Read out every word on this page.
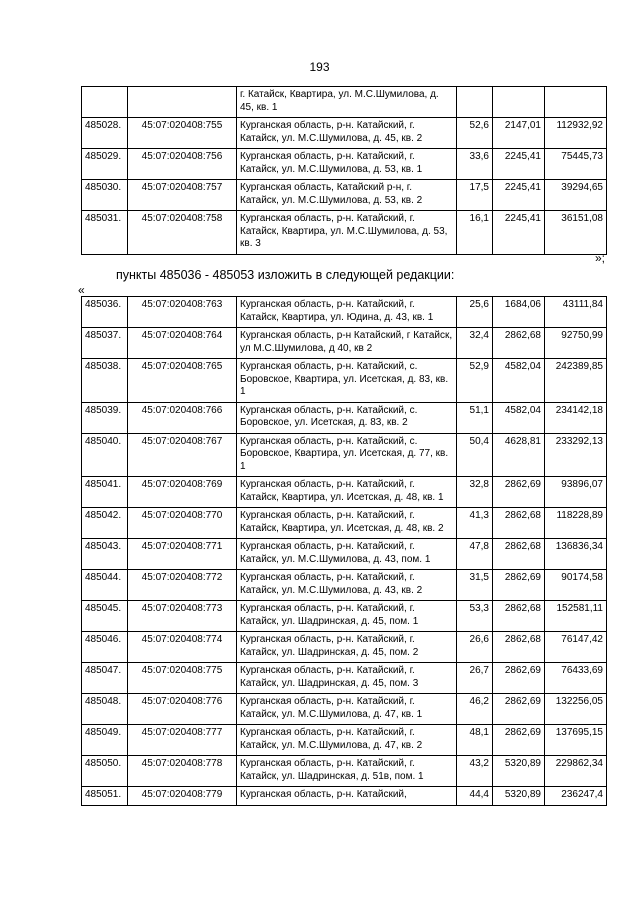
193
		г. Катайск, Квартира, ул. М.С.Шумилова, д. 45, кв. 1			
485028.	45:07:020408:755	Курганская область, р-н. Катайский, г. Катайск, ул. М.С.Шумилова, д. 45, кв. 2	52,6	2147,01	112932,92
485029.	45:07:020408:756	Курганская область, р-н. Катайский, г. Катайск, ул. М.С.Шумилова, д. 53, кв. 1	33,6	2245,41	75445,73
485030.	45:07:020408:757	Курганская область, Катайский р-н, г. Катайск, ул. М.С.Шумилова, д. 53, кв. 2	17,5	2245,41	39294,65
485031.	45:07:020408:758	Курганская область, р-н. Катайский, г. Катайск, Квартира, ул. М.С.Шумилова, д. 53, кв. 3	16,1	2245,41	36151,08
»;
пункты 485036 - 485053 изложить в следующей редакции:
«
485036.	45:07:020408:763	Курганская область, р-н. Катайский, г. Катайск, Квартира, ул. Юдина, д. 43, кв. 1	25,6	1684,06	43111,84
485037.	45:07:020408:764	Курганская область, р-н Катайский, г Катайск, ул М.С.Шумилова, д 40, кв 2	32,4	2862,68	92750,99
485038.	45:07:020408:765	Курганская область, р-н. Катайский, с. Боровское, Квартира, ул. Исетская, д. 83, кв. 1	52,9	4582,04	242389,85
485039.	45:07:020408:766	Курганская область, р-н. Катайский, с. Боровское, ул. Исетская, д. 83, кв. 2	51,1	4582,04	234142,18
485040.	45:07:020408:767	Курганская область, р-н. Катайский, с. Боровское, Квартира, ул. Исетская, д. 77, кв. 1	50,4	4628,81	233292,13
485041.	45:07:020408:769	Курганская область, р-н. Катайский, г. Катайск, Квартира, ул. Исетская, д. 48, кв. 1	32,8	2862,69	93896,07
485042.	45:07:020408:770	Курганская область, р-н. Катайский, г. Катайск, Квартира, ул. Исетская, д. 48, кв. 2	41,3	2862,68	118228,89
485043.	45:07:020408:771	Курганская область, р-н. Катайский, г. Катайск, ул. М.С.Шумилова, д. 43, пом. 1	47,8	2862,68	136836,34
485044.	45:07:020408:772	Курганская область, р-н. Катайский, г. Катайск, ул. М.С.Шумилова, д. 43, кв. 2	31,5	2862,69	90174,58
485045.	45:07:020408:773	Курганская область, р-н. Катайский, г. Катайск, ул. Шадринская, д. 45, пом. 1	53,3	2862,68	152581,11
485046.	45:07:020408:774	Курганская область, р-н. Катайский, г. Катайск, ул. Шадринская, д. 45, пом. 2	26,6	2862,68	76147,42
485047.	45:07:020408:775	Курганская область, р-н. Катайский, г. Катайск, ул. Шадринская, д. 45, пом. 3	26,7	2862,69	76433,69
485048.	45:07:020408:776	Курганская область, р-н. Катайский, г. Катайск, ул. М.С.Шумилова, д. 47, кв. 1	46,2	2862,69	132256,05
485049.	45:07:020408:777	Курганская область, р-н. Катайский, г. Катайск, ул. М.С.Шумилова, д. 47, кв. 2	48,1	2862,69	137695,15
485050.	45:07:020408:778	Курганская область, р-н. Катайский, г. Катайск, ул. Шадринская, д. 51в, пом. 1	43,2	5320,89	229862,34
485051.	45:07:020408:779	Курганская область, р-н. Катайский,	44,4	5320,89	236247,4
